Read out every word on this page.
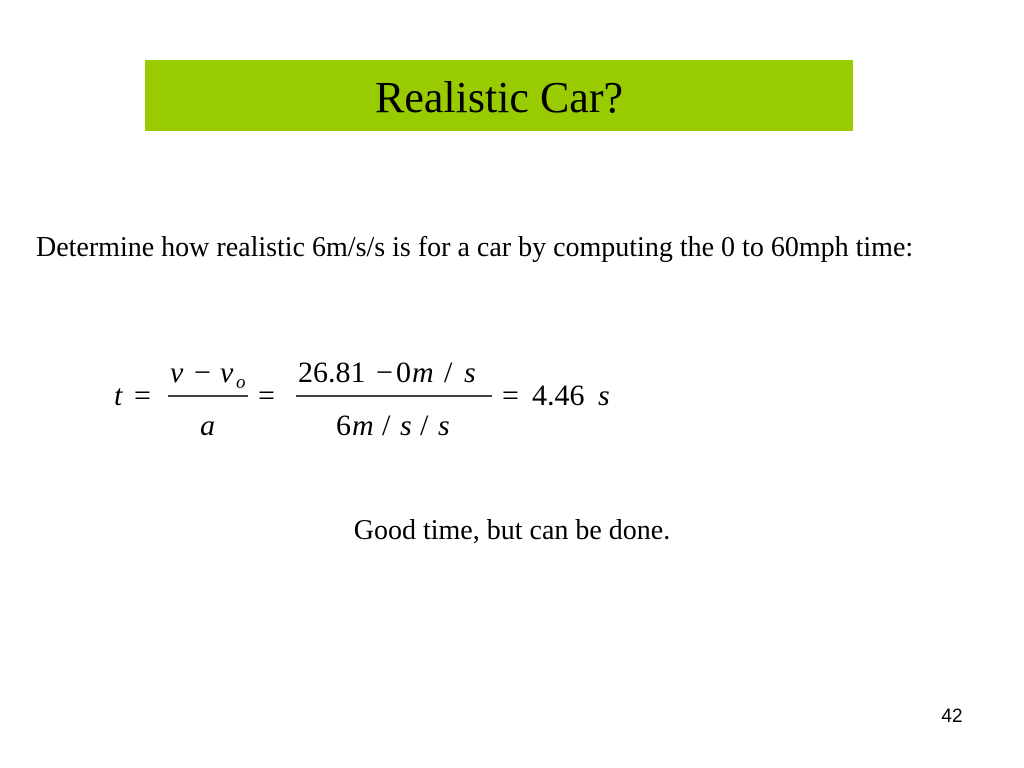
Realistic Car?
Determine how realistic 6m/s/s is for a car by computing the 0 to 60mph time:
t =
v − v o
a
=
26.81 − 0 m / s
6 m / s / s
= 4.46 s
Good time, but can be done.
42
